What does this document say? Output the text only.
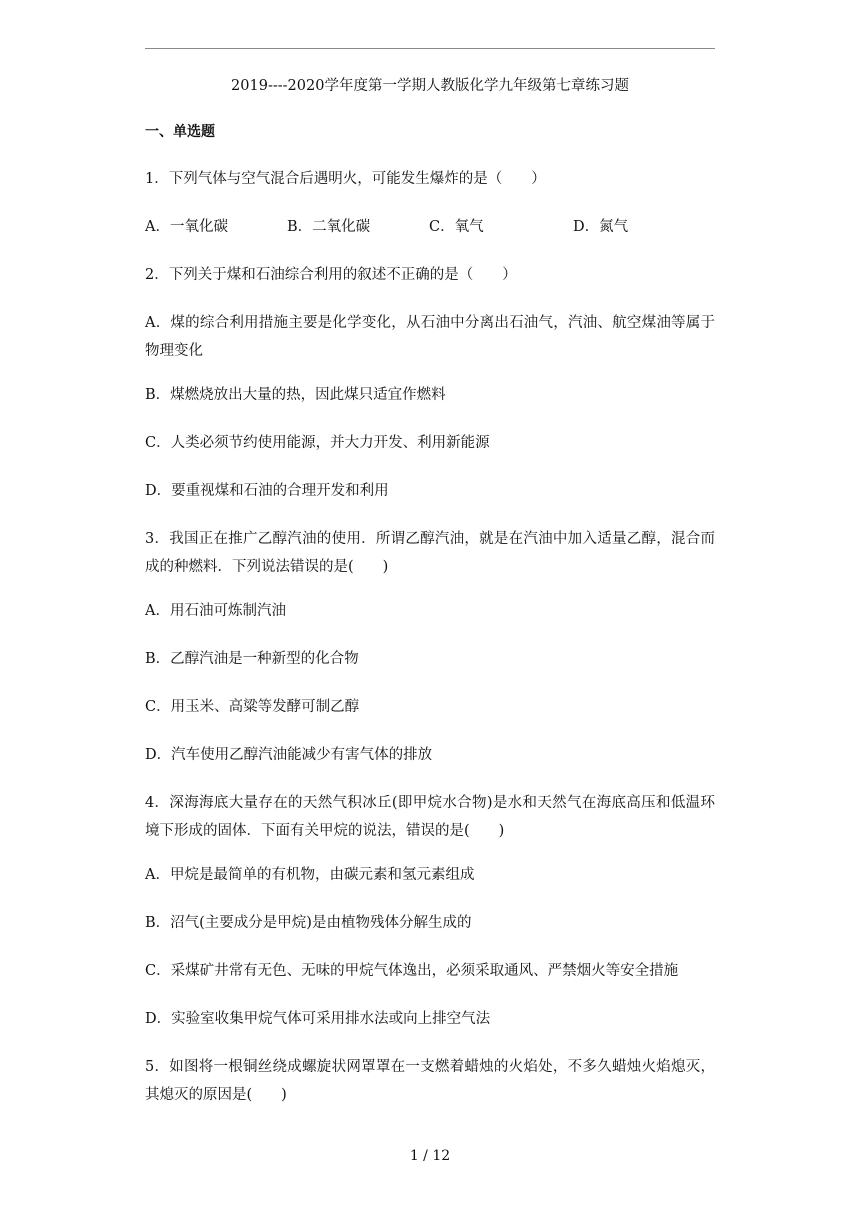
2019----2020学年度第一学期人教版化学九年级第七章练习题
一、单选题
1．下列气体与空气混合后遇明火，可能发生爆炸的是（　　）
A．一氧化碳	B．二氧化碳	C．氧气	D．氮气
2．下列关于煤和石油综合利用的叙述不正确的是（　　）
A．煤的综合利用措施主要是化学变化，从石油中分离出石油气，汽油、航空煤油等属于物理变化
B．煤燃烧放出大量的热，因此煤只适宜作燃料
C．人类必须节约使用能源，并大力开发、利用新能源
D．要重视煤和石油的合理开发和利用
3．我国正在推广乙醇汽油的使用．所谓乙醇汽油，就是在汽油中加入适量乙醇，混合而成的种燃料．下列说法错误的是(　　)
A．用石油可炼制汽油
B．乙醇汽油是一种新型的化合物
C．用玉米、高粱等发酵可制乙醇
D．汽车使用乙醇汽油能减少有害气体的排放
4．深海海底大量存在的天然气积冰丘(即甲烷水合物)是水和天然气在海底高压和低温环境下形成的固体．下面有关甲烷的说法，错误的是(　　)
A．甲烷是最简单的有机物，由碳元素和氢元素组成
B．沼气(主要成分是甲烷)是由植物残体分解生成的
C．采煤矿井常有无色、无味的甲烷气体逸出，必须采取通风、严禁烟火等安全措施
D．实验室收集甲烷气体可采用排水法或向上排空气法
5．如图将一根铜丝绕成螺旋状网罩罩在一支燃着蜡烛的火焰处，不多久蜡烛火焰熄灭，其熄灭的原因是(　　)
1 / 12
